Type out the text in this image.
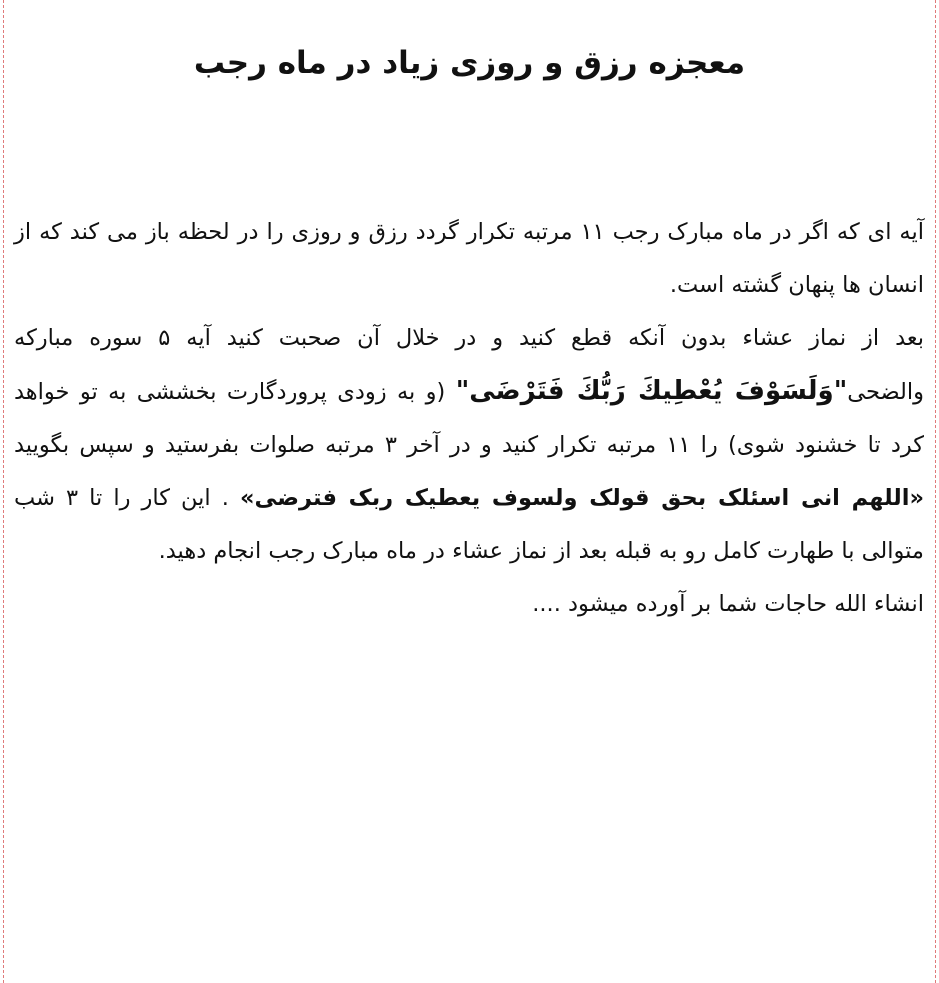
معجزه رزق و روزی زیاد در ماه رجب

آیه ای که اگر در ماه مبارک رجب ۱۱ مرتبه تکرار گردد رزق و روزی را در لحظه باز می کند که از انسان ها پنهان گشته است.

بعد از نماز عشاء بدون آنکه قطع کنید و در خلال آن صحبت کنید آیه ۵ سوره مبارکه والضحی"وَلَسَوْفَ يُعْطِيكَ رَبُّكَ فَتَرْضَى" (و به زودی پروردگارت بخششی به تو خواهد کرد تا خشنود شوی) را ۱۱ مرتبه تکرار کنید و در آخر ۳ مرتبه صلوات بفرستید و سپس بگویید «اللهم انی اسئلک بحق قولک ولسوف یعطیک ربک فترضی» . این کار را تا ۳ شب متوالی با طهارت کامل رو به قبله بعد از نماز عشاء در ماه مبارک رجب انجام دهید.

انشاء الله حاجات شما بر آورده میشود ....
